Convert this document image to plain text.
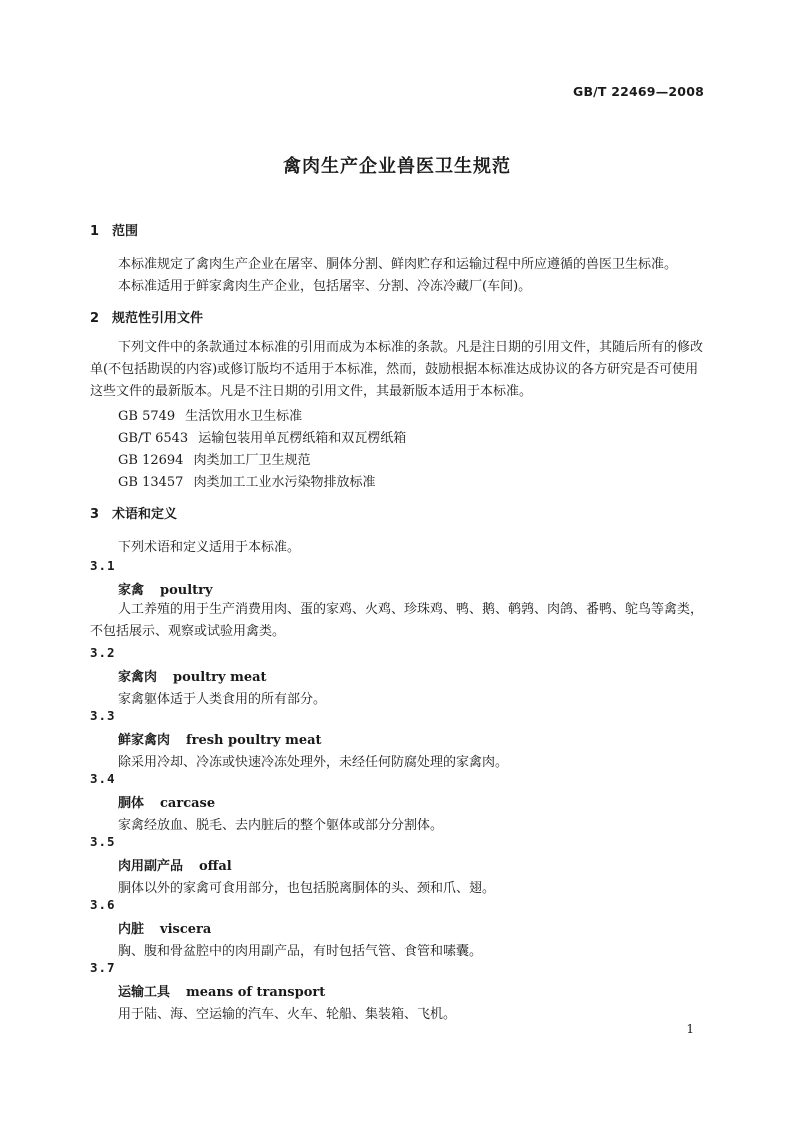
GB/T 22469—2008
禽肉生产企业兽医卫生规范
1 范围
本标准规定了禽肉生产企业在屠宰、胴体分割、鲜肉贮存和运输过程中所应遵循的兽医卫生标准。
本标准适用于鲜家禽肉生产企业，包括屠宰、分割、冷冻冷藏厂(车间)。
2 规范性引用文件
下列文件中的条款通过本标准的引用而成为本标准的条款。凡是注日期的引用文件，其随后所有的修改单(不包括勘误的内容)或修订版均不适用于本标准，然而，鼓励根据本标准达成协议的各方研究是否可使用这些文件的最新版本。凡是不注日期的引用文件，其最新版本适用于本标准。
GB 5749 生活饮用水卫生标准
GB/T 6543 运输包装用单瓦楞纸箱和双瓦楞纸箱
GB 12694 肉类加工厂卫生规范
GB 13457 肉类加工工业水污染物排放标准
3 术语和定义
下列术语和定义适用于本标准。
3.1
家禽 poultry
人工养殖的用于生产消费用肉、蛋的家鸡、火鸡、珍珠鸡、鸭、鹅、鹌鹑、肉鸽、番鸭、鸵鸟等禽类，不包括展示、观察或试验用禽类。
3.2
家禽肉 poultry meat
家禽躯体适于人类食用的所有部分。
3.3
鲜家禽肉 fresh poultry meat
除采用冷却、冷冻或快速冷冻处理外，未经任何防腐处理的家禽肉。
3.4
胴体 carcase
家禽经放血、脱毛、去内脏后的整个躯体或部分分割体。
3.5
肉用副产品 offal
胴体以外的家禽可食用部分，也包括脱离胴体的头、颈和爪、翅。
3.6
内脏 viscera
胸、腹和骨盆腔中的肉用副产品，有时包括气管、食管和嗉囊。
3.7
运输工具 means of transport
用于陆、海、空运输的汽车、火车、轮船、集装箱、飞机。
1
